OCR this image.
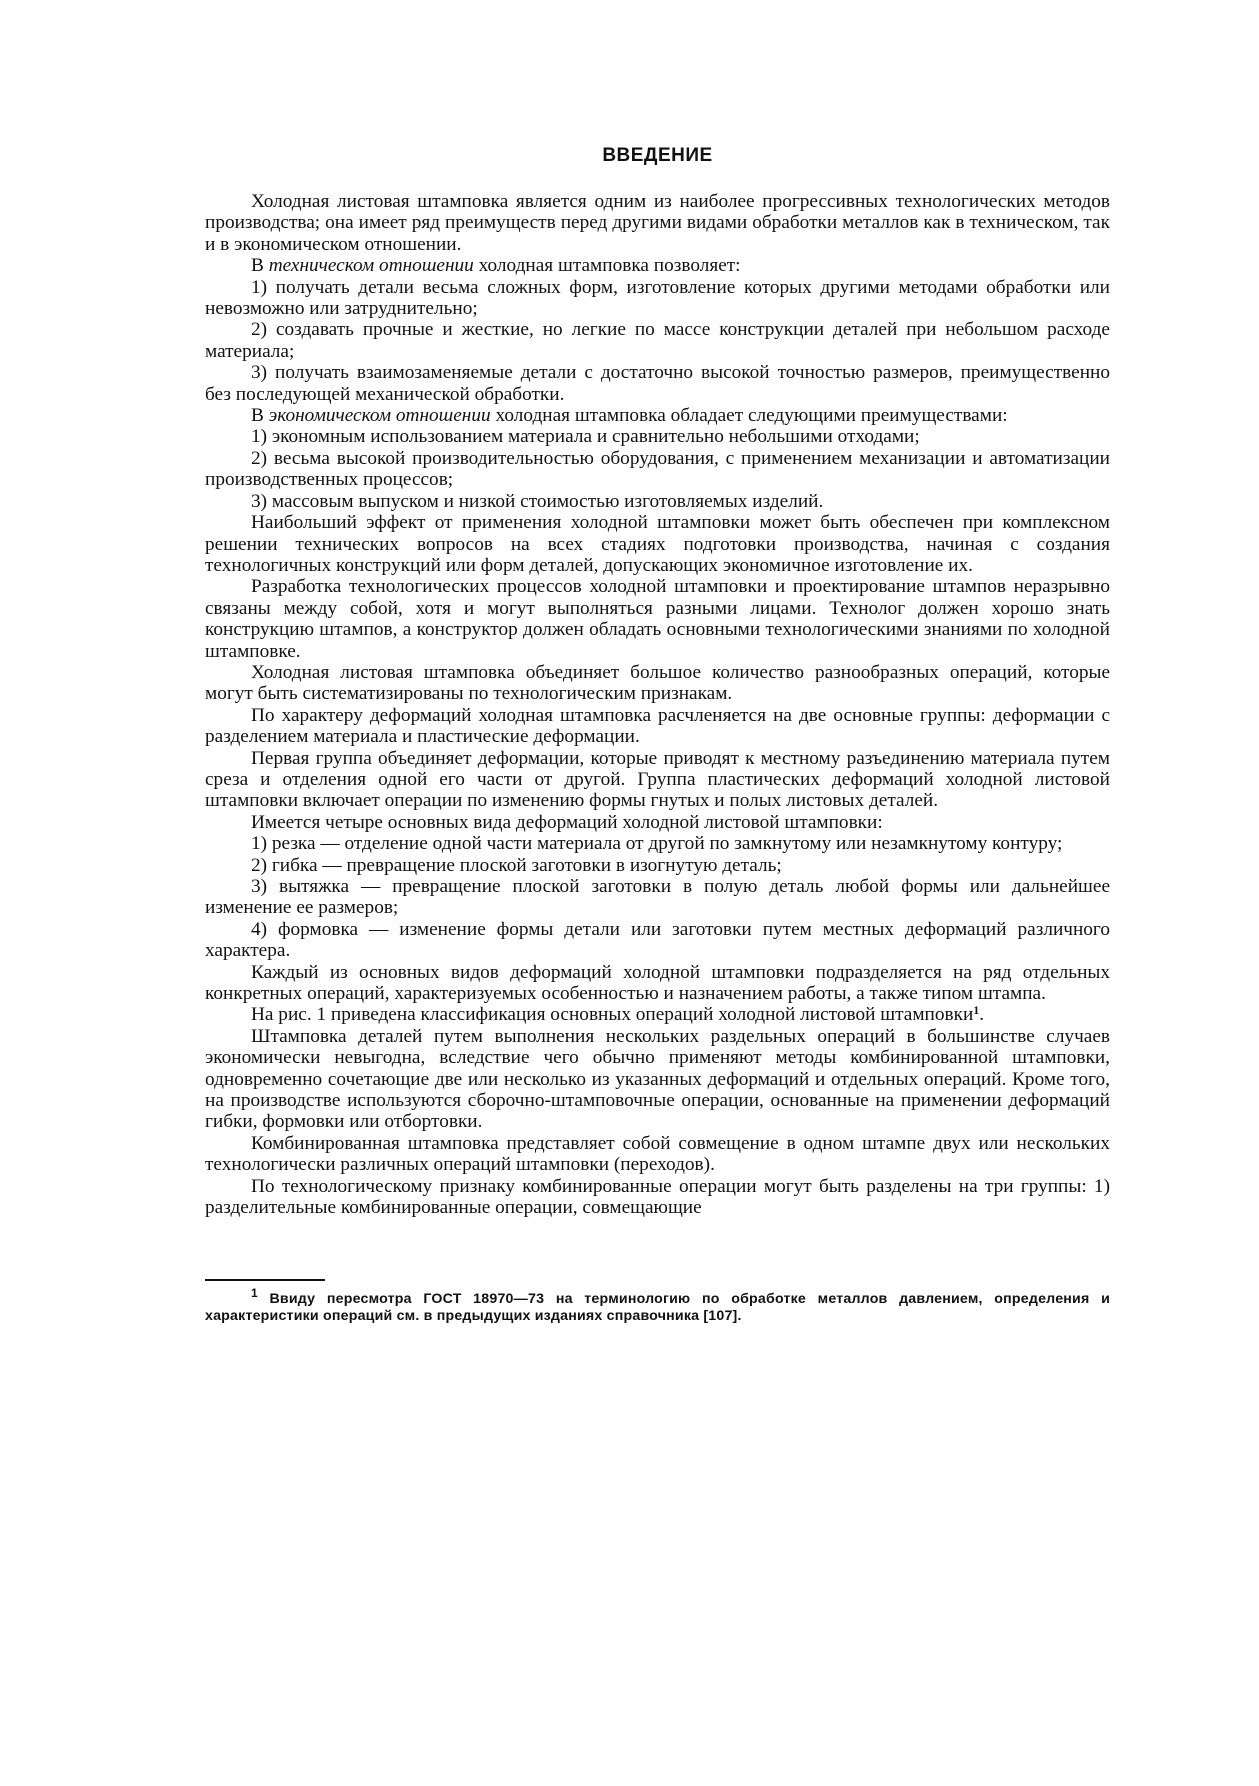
ВВЕДЕНИЕ

Холодная листовая штамповка является одним из наиболее прогрессивных технологических методов производства; она имеет ряд преимуществ перед другими видами обработки металлов как в техническом, так и в экономическом отношении.

В техническом отношении холодная штамповка позволяет:

1) получать детали весьма сложных форм, изготовление которых другими методами обработки или невозможно или затруднительно;

2) создавать прочные и жесткие, но легкие по массе конструкции деталей при небольшом расходе материала;

3) получать взаимозаменяемые детали с достаточно высокой точностью размеров, преимущественно без последующей механической обработки.

В экономическом отношении холодная штамповка обладает следующими преимуществами:

1) экономным использованием материала и сравнительно небольшими отходами;

2) весьма высокой производительностью оборудования, с применением механизации и автоматизации производственных процессов;

3) массовым выпуском и низкой стоимостью изготовляемых изделий.

Наибольший эффект от применения холодной штамповки может быть обеспечен при комплексном решении технических вопросов на всех стадиях подготовки производства, начиная с создания технологичных конструкций или форм деталей, допускающих экономичное изготовление их.

Разработка технологических процессов холодной штамповки и проектирование штампов неразрывно связаны между собой, хотя и могут выполняться разными лицами. Технолог должен хорошо знать конструкцию штампов, а конструктор должен обладать основными технологическими знаниями по холодной штамповке.

Холодная листовая штамповка объединяет большое количество разнообразных операций, которые могут быть систематизированы по технологическим признакам.

По характеру деформаций холодная штамповка расчленяется на две основные группы: деформации с разделением материала и пластические деформации.

Первая группа объединяет деформации, которые приводят к местному разъединению материала путем среза и отделения одной его части от другой. Группа пластических деформаций холодной листовой штамповки включает операции по изменению формы гнутых и полых листовых деталей.

Имеется четыре основных вида деформаций холодной листовой штамповки:

1) резка — отделение одной части материала от другой по замкнутому или незамкнутому контуру;

2) гибка — превращение плоской заготовки в изогнутую деталь;

3) вытяжка — превращение плоской заготовки в полую деталь любой формы или дальнейшее изменение ее размеров;

4) формовка — изменение формы детали или заготовки путем местных деформаций различного характера.

Каждый из основных видов деформаций холодной штамповки подразделяется на ряд отдельных конкретных операций, характеризуемых особенностью и назначением работы, а также типом штампа.

На рис. 1 приведена классификация основных операций холодной листовой штамповки$^1$.

Штамповка деталей путем выполнения нескольких раздельных операций в большинстве случаев экономически невыгодна, вследствие чего обычно применяют методы комбинированной штамповки, одновременно сочетающие две или несколько из указанных деформаций и отдельных операций. Кроме того, на производстве используются сборочно-штамповочные операции, основанные на применении деформаций гибки, формовки или отбортовки.

Комбинированная штамповка представляет собой совмещение в одном штампе двух или нескольких технологически различных операций штамповки (переходов).

По технологическому признаку комбинированные операции могут быть разделены на три группы: 1) разделительные комбинированные операции, совмещающие

$^1$ Ввиду пересмотра ГОСТ 18970—73 на терминологию по обработке металлов давлением, определения и характеристики операций см. в предыдущих изданиях справочника [107].
